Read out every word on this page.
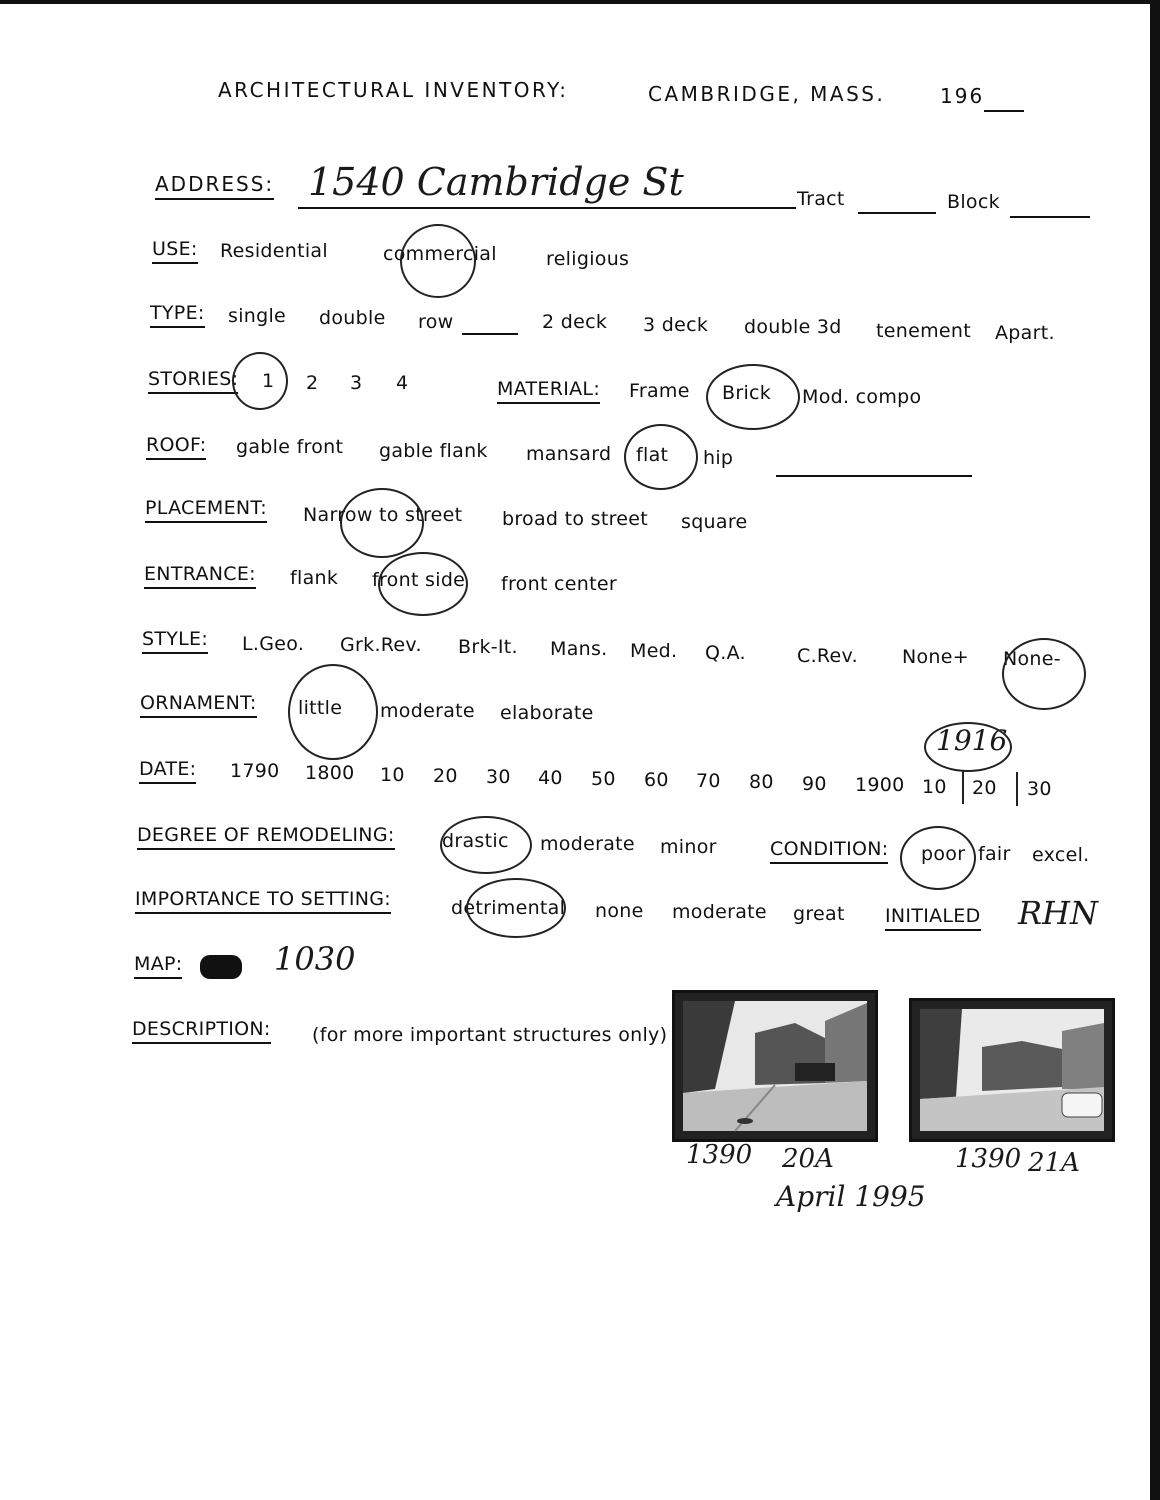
ARCHITECTURAL INVENTORY:	CAMBRIDGE, MASS.	196
ADDRESS: 1540 Cambridge St	Tract	Block
USE: Residential	commercial	religious
TYPE: single double row	2 deck 3 deck double 3d tenement Apart.
STORIES: 1 2 3 4	MATERIAL: Frame Brick Mod. compo
ROOF: gable front gable flank mansard flat hip
PLACEMENT: Narrow to street broad to street square
ENTRANCE: flank front side front center
STYLE: L.Geo. Grk.Rev. Brk-It. Mans. Med. Q.A.	C.Rev. None+ None-
ORNAMENT: little moderate elaborate
DATE: 1790 1800 10 20 30 40 50 60 70 80 90 1900 10 20 30
1916
DEGREE OF REMODELING: drastic moderate minor	CONDITION: poor fair excel.
IMPORTANCE TO SETTING:	detrimental none moderate great INITIALED RHN
MAP:	1030
DESCRIPTION: (for more important structures only)
1390 20A	1390 21A
April 1995
